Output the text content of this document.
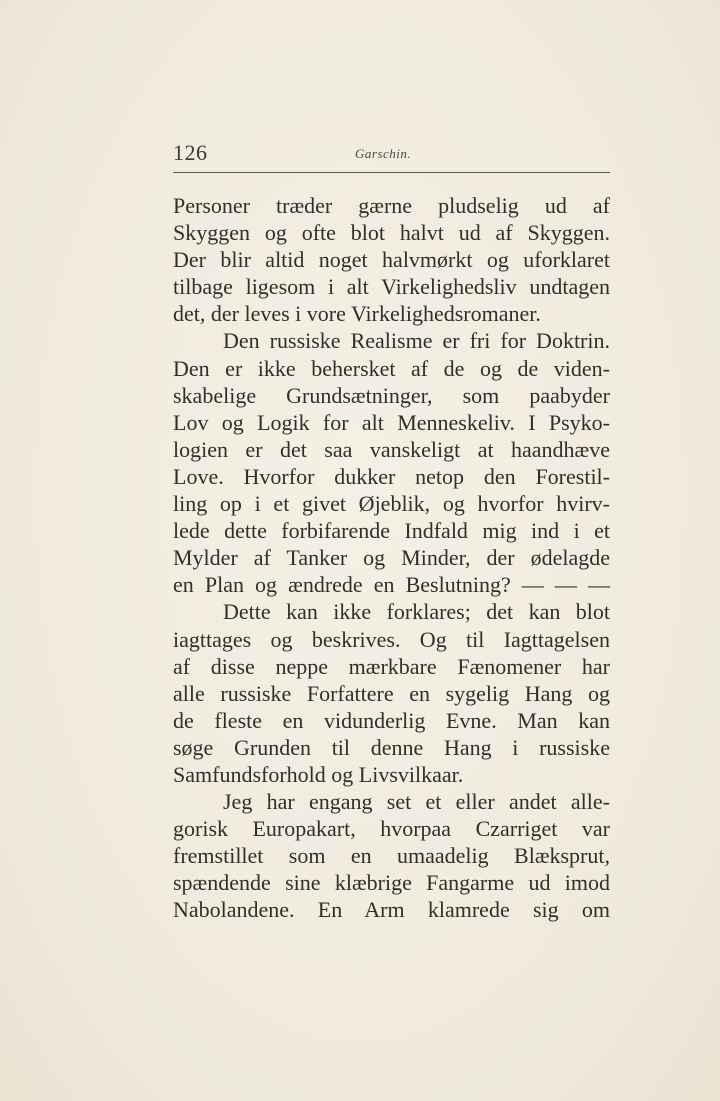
126	Garschin.
Personer træder gærne pludselig ud af
Skyggen og ofte blot halvt ud af Skyggen.
Der blir altid noget halvmørkt og uforklaret
tilbage ligesom i alt Virkelighedsliv undtagen
det, der leves i vore Virkelighedsromaner.
Den russiske Realisme er fri for Doktrin.
Den er ikke behersket af de og de viden-
skabelige Grundsætninger, som paabyder
Lov og Logik for alt Menneskeliv. I Psyko-
logien er det saa vanskeligt at haandhæve
Love. Hvorfor dukker netop den Forestil-
ling op i et givet Øjeblik, og hvorfor hvirv-
lede dette forbifarende Indfald mig ind i et
Mylder af Tanker og Minder, der ødelagde
en Plan og ændrede en Beslutning? — — —
Dette kan ikke forklares; det kan blot
iagttages og beskrives. Og til Iagttagelsen
af disse neppe mærkbare Fænomener har
alle russiske Forfattere en sygelig Hang og
de fleste en vidunderlig Evne. Man kan
søge Grunden til denne Hang i russiske
Samfundsforhold og Livsvilkaar.
Jeg har engang set et eller andet alle-
gorisk Europakart, hvorpaa Czarriget var
fremstillet som en umaadelig Blæksprut,
spændende sine klæbrige Fangarme ud imod
Nabolandene. En Arm klamrede sig om
